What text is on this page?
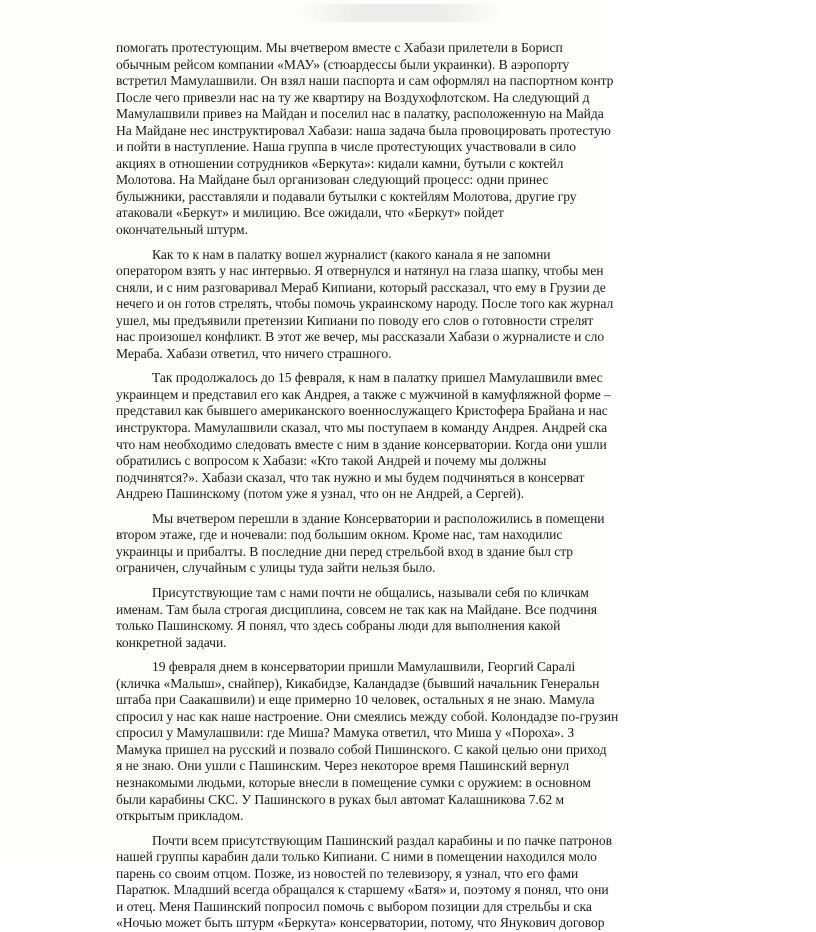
помогать протестующим. Мы вчетвером вместе с Хабази прилетели в Борисп
обычным рейсом компании «МАУ» (стюардессы были украинки). В аэропорту
встретил Мамулашвили. Он взял наши паспорта и сам оформлял на паспортном контр
После чего привезли нас на ту же квартиру на Воздухофлотском. На следующий д
Мамулашвили привез на Майдан и поселил нас в палатку, расположенную на Майда
На Майдане нес инструктировал Хабази: наша задача была провоцировать протестую
и пойти в наступление. Наша группа в числе протестующих участвовали в сило
акциях в отношении сотрудников «Беркута»: кидали камни, бутыли с коктейл
Молотова. На Майдане был организован следующий процесс: одни принес
булыжники, расставляли и подавали бутылки с коктейлям Молотова, другие гру
атаковали «Беркут» и милицию. Все ожидали, что «Беркут» пойдет
окончательный штурм.
Как то к нам в палатку вошел журналист (какого канала я не запомни
оператором взять у нас интервью. Я отвернулся и натянул на глаза шапку, чтобы мен
сняли, и с ним разговаривал Мераб Кипиани, который рассказал, что ему в Грузии де
нечего и он готов стрелять, чтобы помочь украинскому народу. После того как журнал
ушел, мы предъявили претензии Кипиани по поводу его слов о готовности стрелят
нас произошел конфликт. В этот же вечер, мы рассказали Хабази о журналисте и сло
Мераба. Хабази ответил, что ничего страшного.
Так продолжалось до 15 февраля, к нам в палатку пришел Мамулашвили вмес
украинцем и представил его как Андрея, а также с мужчиной в камуфляжной форме –
представил как бывшего американского военнослужащего Кристофера Брайана и нас
инструктора. Мамулашвили сказал, что мы поступаем в команду Андрея. Андрей ска
что нам необходимо следовать вместе с ним в здание консерватории. Когда они ушли
обратились с вопросом к Хабази: «Кто такой Андрей и почему мы должны
подчинятся?». Хабази сказал, что так нужно и мы будем подчиняться в консерват
Андрею Пашинскому (потом уже я узнал, что он не Андрей, а Сергей).
Мы вчетвером перешли в здание Консерватории и расположились в помещени
втором этаже, где и ночевали: под большим окном. Кроме нас, там находилис
украинцы и прибалты. В последние дни перед стрельбой вход в здание был стр
ограничен, случайным с улицы туда зайти нельзя было.
Присутствующие там с нами почти не общались, называли себя по кличкам
именам. Там была строгая дисциплина, совсем не так как на Майдане. Все подчиня
только Пашинскому. Я понял, что здесь собраны люди для выполнения какой
конкретной задачи.
19 февраля днем в консерватории пришли Мамулашвили, Георгий Саралі
(кличка «Малыш», снайпер), Кикабидзе, Каландадзе (бывший начальник Генеральн
штаба при Саакашвили) и еще примерно 10 человек, остальных я не знаю. Мамула
спросил у нас как наше настроение. Они смеялись между собой. Колондадзе по-грузин
спросил у Мамулашвили: где Миша? Мамука ответил, что Миша у «Пороха». З
Мамука пришел на русский и позвало собой Пишинского. С какой целью они приход
я не знаю. Они ушли с Пашинским. Через некоторое время Пашинский вернул
незнакомыми людьми, которые внесли в помещение сумки с оружием: в основном
были карабины СКС. У Пашинского в руках был автомат Калашникова 7.62 м
открытым прикладом.
Почти всем присутствующим Пашинский раздал карабины и по пачке патронов
нашей группы карабин дали только Кипиани. С ними в помещении находился моло
парень со своим отцом. Позже, из новостей по телевизору, я узнал, что его фами
Паратюк. Младший всегда обращался к старшему «Батя» и, поэтому я понял, что они
и отец. Меня Пашинский попросил помочь с выбором позиции для стрельбы и ска
«Ночью может быть штурм «Беркута» консерватории, потому, что Янукович договор
